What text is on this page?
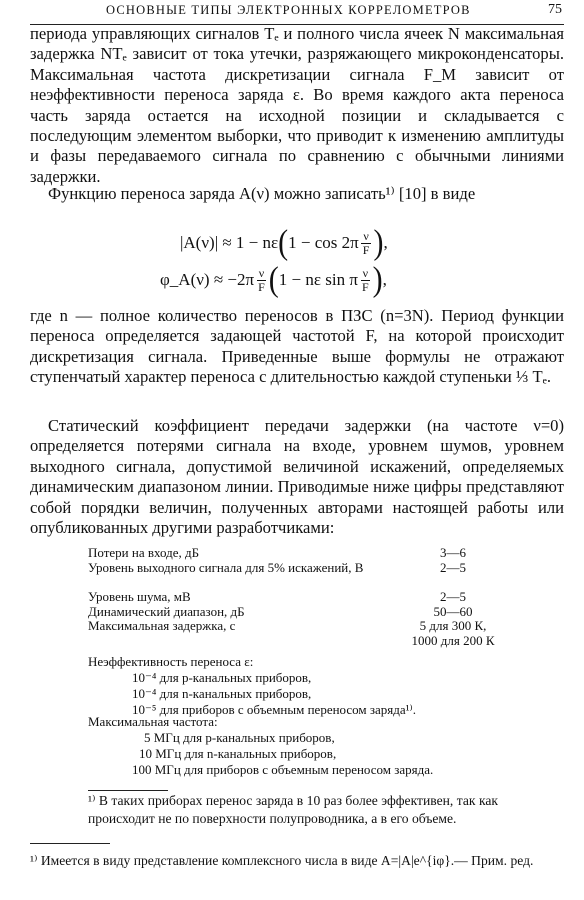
ОСНОВНЫЕ ТИПЫ ЭЛЕКТРОННЫХ КОРРЕЛОМЕТРОВ	75

периода управляющих сигналов Tₑ и полного числа ячеек N максимальная задержка NTₑ зависит от тока утечки, разряжающего микроконденсаторы. Максимальная частота дискретизации сигнала F_M зависит от неэффективности переноса заряда ε. Во время каждого акта переноса часть заряда остается на исходной позиции и складывается с последующим элементом выборки, что приводит к изменению амплитуды и фазы передаваемого сигнала по сравнению с обычными линиями задержки.

Функцию переноса заряда A(ν) можно записать¹⁾ [10] в виде

|A(ν)| ≈ 1 − nε ( $1 - \cos 2\pi \frac{\nu}{F}$ ) ,
φ_A(ν) ≈ $-2\pi \frac{\nu}{F}$ ( 1 − nε sin π $\frac{\nu}{F}$ ) ,

где n — полное количество переносов в ПЗС (n=3N). Период функции переноса определяется задающей частотой F, на которой происходит дискретизация сигнала. Приведенные выше формулы не отражают ступенчатый характер переноса с длительностью каждой ступеньки ⅓ Tₑ.

Статический коэффициент передачи задержки (на частоте ν=0) определяется потерями сигнала на входе, уровнем шумов, уровнем выходного сигнала, допустимой величиной искажений, определяемых динамическим диапазоном линии. Приводимые ниже цифры представляют собой порядки величин, полученных авторами настоящей работы или опубликованных другими разработчиками:

Потери на входе, дБ	3—6
Уровень выходного сигнала для 5% искажений, В	2—5
Уровень шума, мВ	2—5
Динамический диапазон, дБ	50—60
Максимальная задержка, с	5 для 300 К,
1000 для 200 К
Неэффективность переноса ε:
10⁻⁴ для p-канальных приборов,
10⁻⁴ для n-канальных приборов,
10⁻⁵ для приборов с объемным переносом заряда¹⁾.
Максимальная частота:
5 МГц для p-канальных приборов,
10 МГц для n-канальных приборов,
100 МГц для приборов с объемным переносом заряда.

¹⁾ В таких приборах перенос заряда в 10 раз более эффективен, так как происходит не по поверхности полупроводника, а в его объеме.

¹⁾ Имеется в виду представление комплексного числа в виде A=|A|e^{iφ}.— Прим. ред.
